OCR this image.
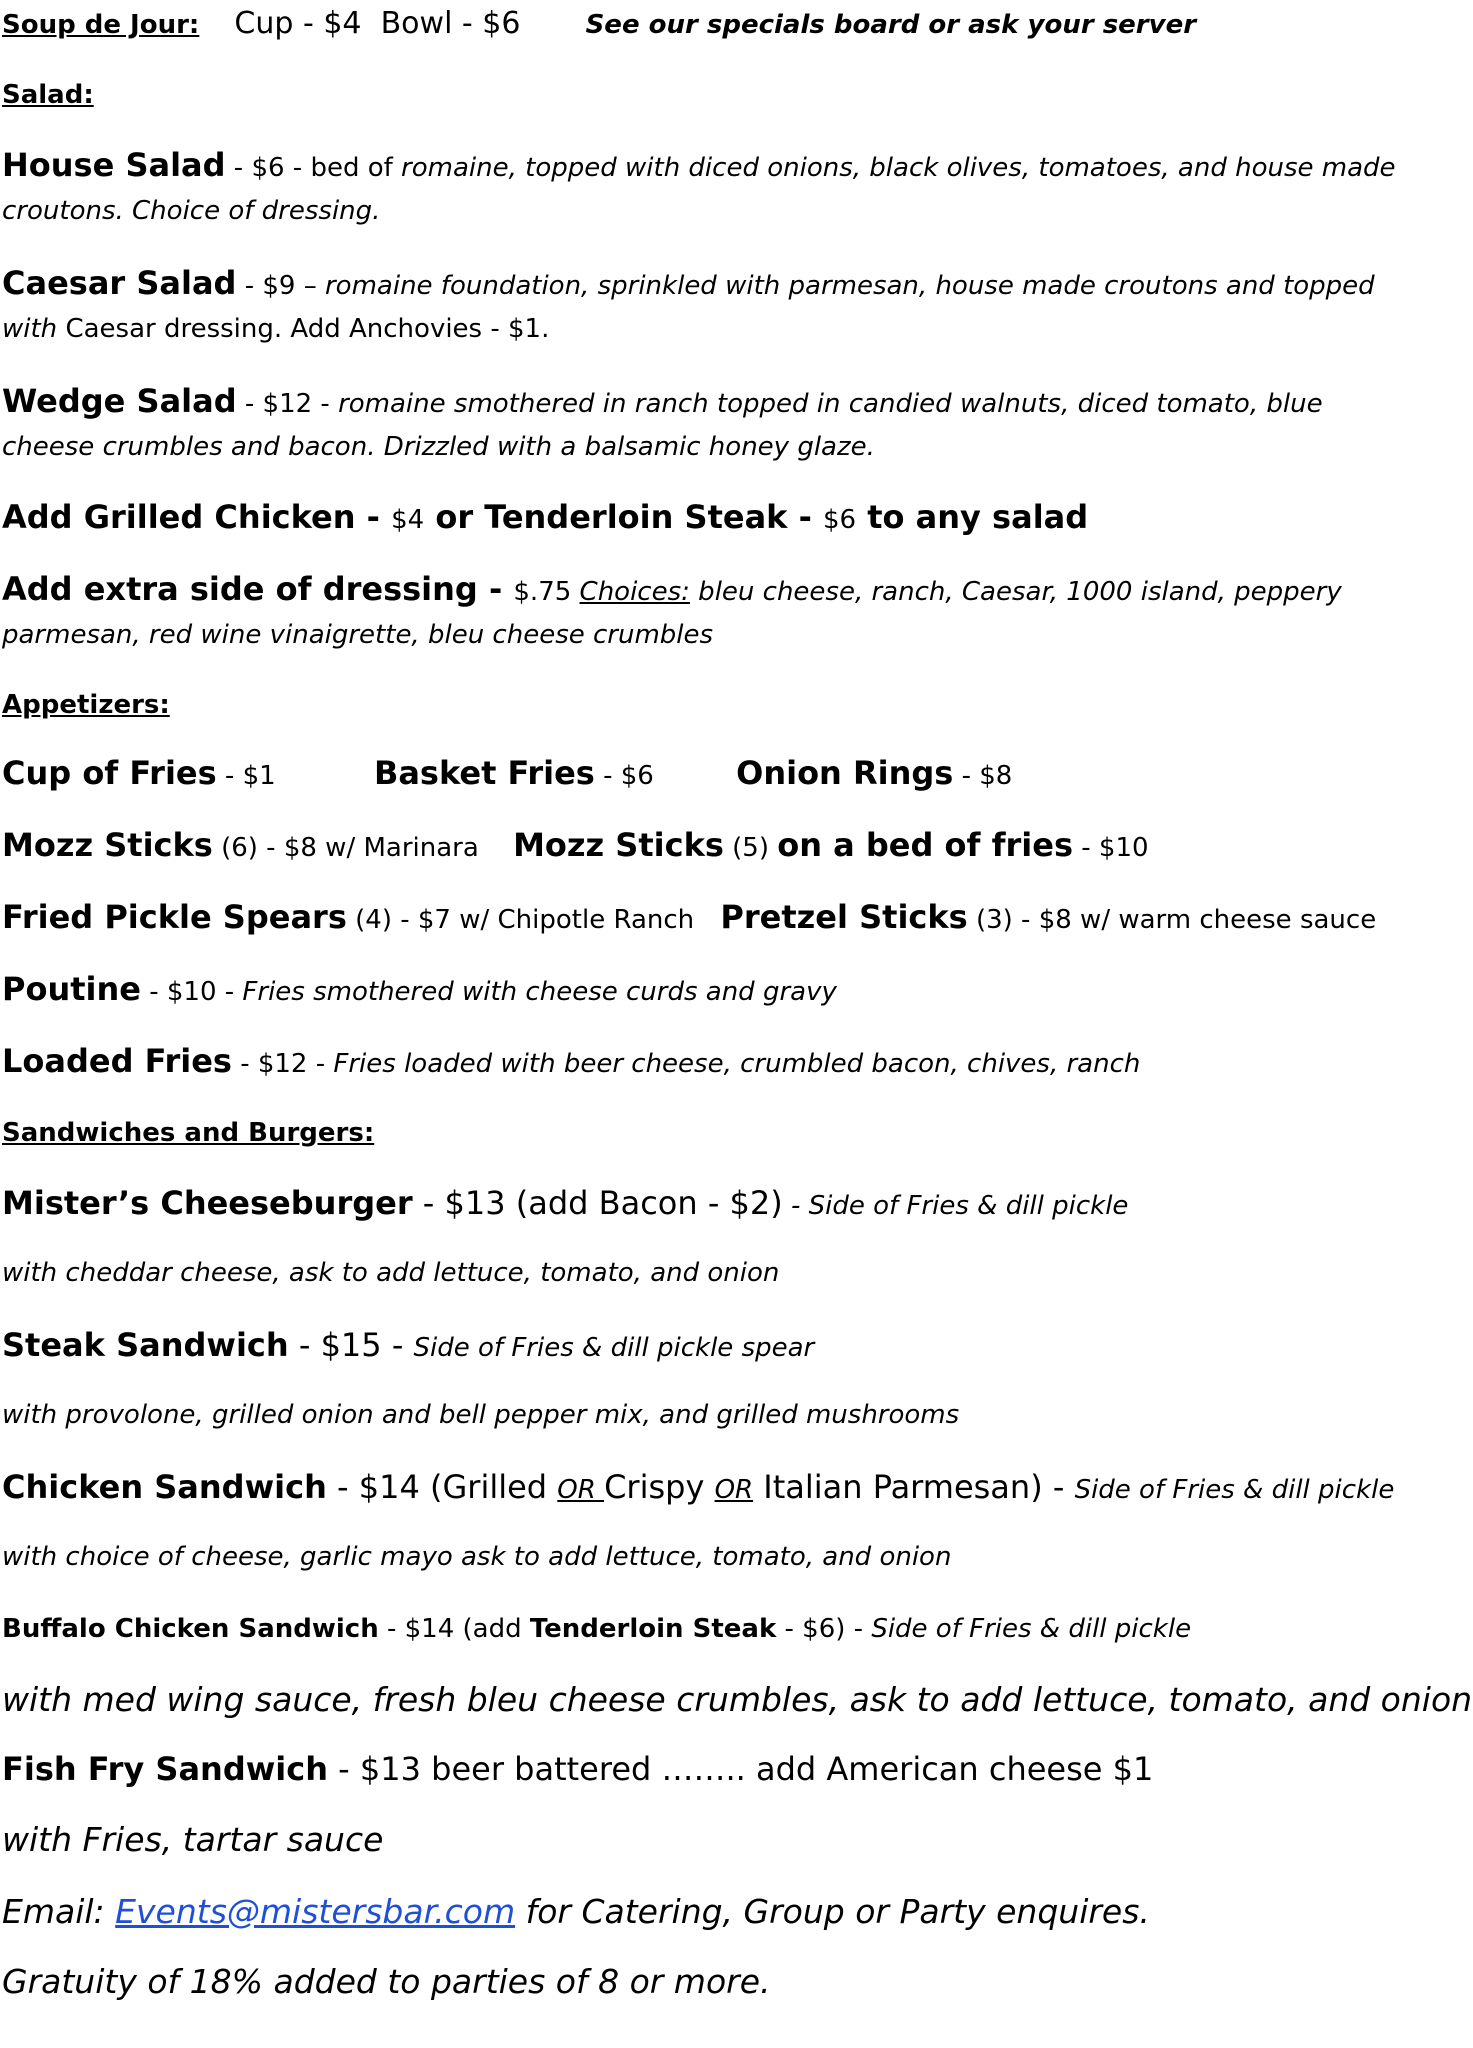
Soup de Jour: Cup - $4 Bowl - $6	See our specials board or ask your server
Salad:
House Salad - $6 - bed of romaine, topped with diced onions, black olives, tomatoes, and house made
croutons. Choice of dressing.
Caesar Salad - $9 – romaine foundation, sprinkled with parmesan, house made croutons and topped
with Caesar dressing. Add Anchovies - $1.
Wedge Salad - $12 - romaine smothered in ranch topped in candied walnuts, diced tomato, blue
cheese crumbles and bacon. Drizzled with a balsamic honey glaze.
Add Grilled Chicken - $4 or Tenderloin Steak - $6 to any salad
Add extra side of dressing - $.75 Choices: bleu cheese, ranch, Caesar, 1000 island, peppery
parmesan, red wine vinaigrette, bleu cheese crumbles
Appetizers:
Cup of Fries - $1	Basket Fries - $6	Onion Rings - $8
Mozz Sticks (6) - $8 w/ Marinara Mozz Sticks (5) on a bed of fries - $10
Fried Pickle Spears (4) - $7 w/ Chipotle Ranch Pretzel Sticks (3) - $8 w/ warm cheese sauce
Poutine - $10 - Fries smothered with cheese curds and gravy
Loaded Fries - $12 - Fries loaded with beer cheese, crumbled bacon, chives, ranch
Sandwiches and Burgers:
Mister’s Cheeseburger - $13 (add Bacon - $2) - Side of Fries & dill pickle
with cheddar cheese, ask to add lettuce, tomato, and onion
Steak Sandwich - $15 - Side of Fries & dill pickle spear
with provolone, grilled onion and bell pepper mix, and grilled mushrooms
Chicken Sandwich - $14 (Grilled OR Crispy OR Italian Parmesan) - Side of Fries & dill pickle
with choice of cheese, garlic mayo ask to add lettuce, tomato, and onion
Buffalo Chicken Sandwich - $14 (add Tenderloin Steak - $6) - Side of Fries & dill pickle
with med wing sauce, fresh bleu cheese crumbles, ask to add lettuce, tomato, and onion
Fish Fry Sandwich - $13 beer battered …….. add American cheese $1
with Fries, tartar sauce
Email: Events@mistersbar.com for Catering, Group or Party enquires.
Gratuity of 18% added to parties of 8 or more.
